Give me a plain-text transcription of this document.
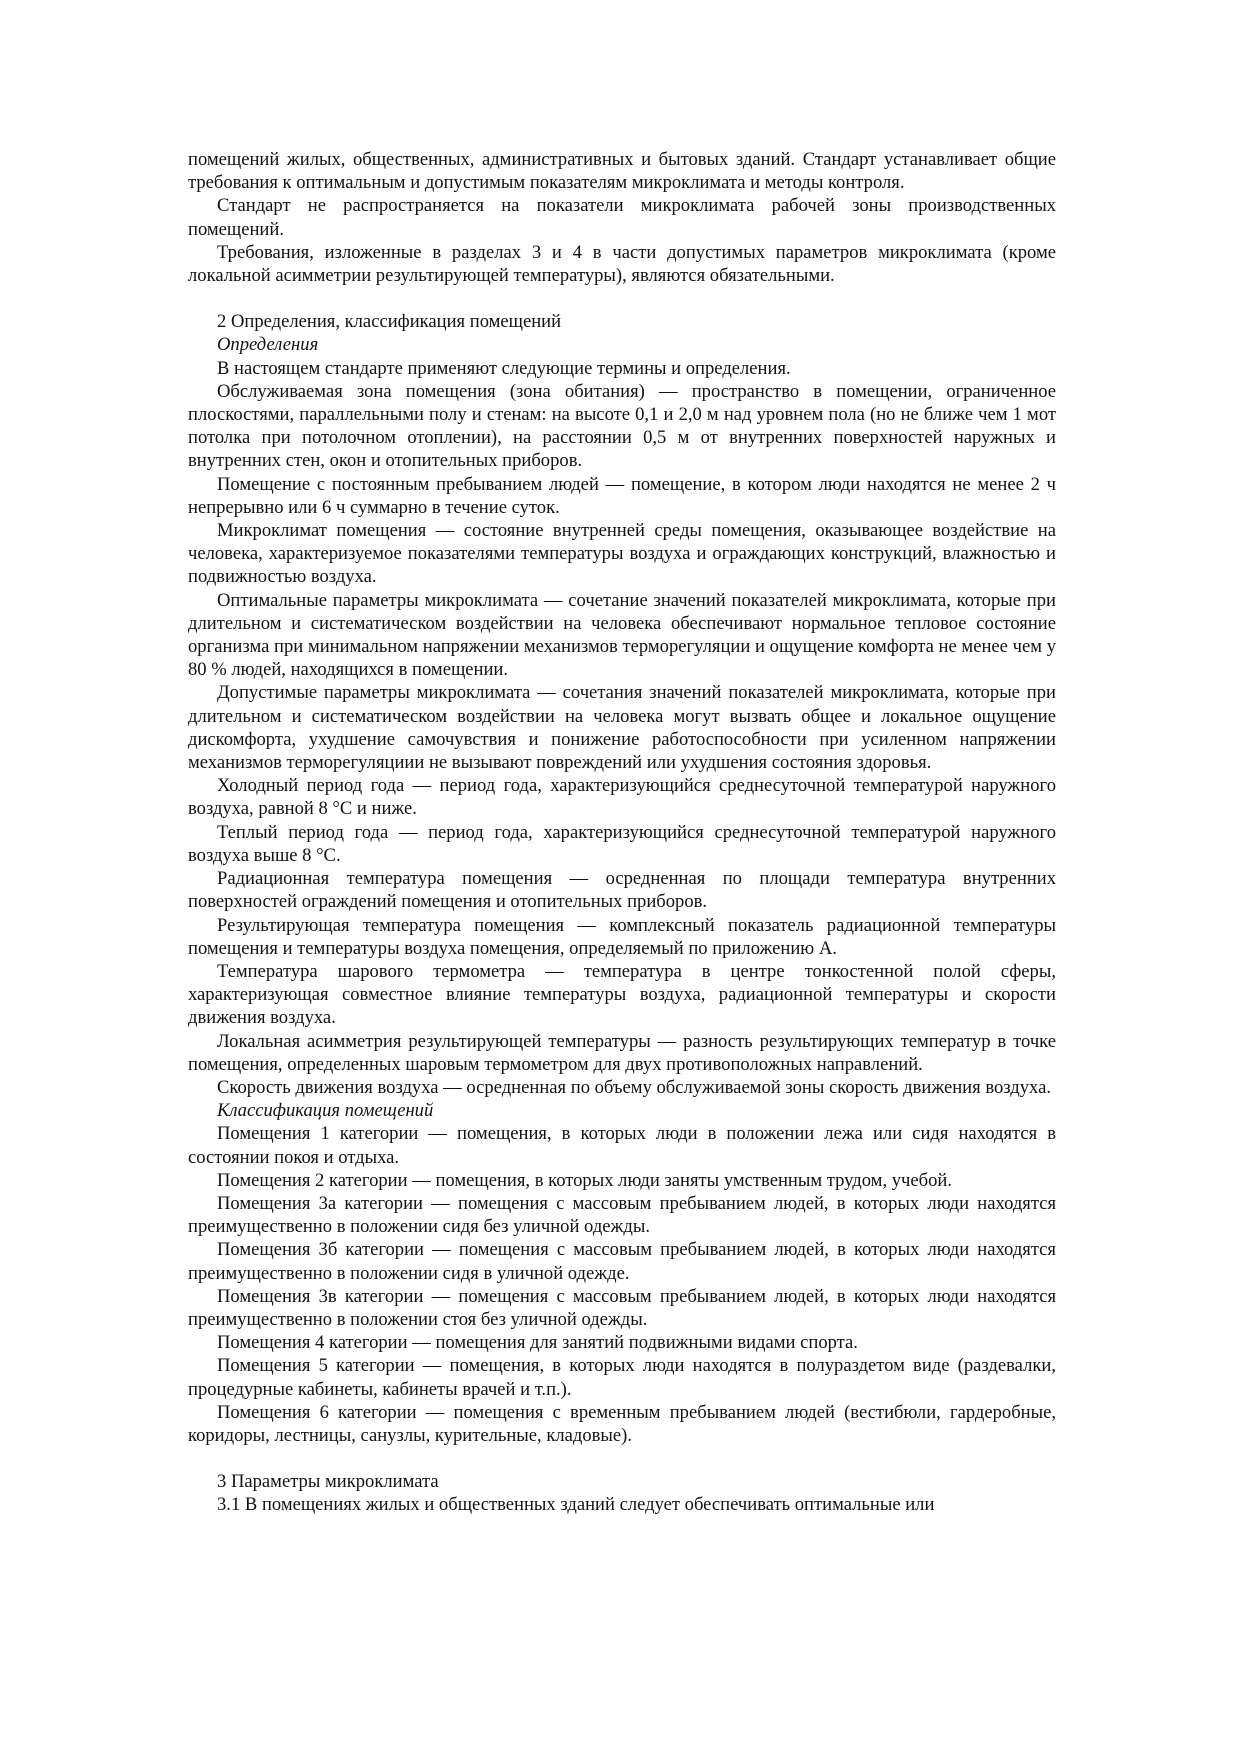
помещений жилых, общественных, административных и бытовых зданий. Стандарт устанавливает общие требования к оптимальным и допустимым показателям микроклимата и методы контроля.

Стандарт не распространяется на показатели микроклимата рабочей зоны производственных помещений.

Требования, изложенные в разделах 3 и 4 в части допустимых параметров микроклимата (кроме локальной асимметрии результирующей температуры), являются обязательными.

2 Определения, классификация помещений

Определения

В настоящем стандарте применяют следующие термины и определения.

Обслуживаемая зона помещения (зона обитания) — пространство в помещении, ограниченное плоскостями, параллельными полу и стенам: на высоте 0,1 и 2,0 м над уровнем пола (но не ближе чем 1 мот потолка при потолочном отоплении), на расстоянии 0,5 м от внутренних поверхностей наружных и внутренних стен, окон и отопительных приборов.

Помещение с постоянным пребыванием людей — помещение, в котором люди находятся не менее 2 ч непрерывно или 6 ч суммарно в течение суток.

Микроклимат помещения — состояние внутренней среды помещения, оказывающее воздействие на человека, характеризуемое показателями температуры воздуха и ограждающих конструкций, влажностью и подвижностью воздуха.

Оптимальные параметры микроклимата — сочетание значений показателей микроклимата, которые при длительном и систематическом воздействии на человека обеспечивают нормальное тепловое состояние организма при минимальном напряжении механизмов терморегуляции и ощущение комфорта не менее чем у 80 % людей, находящихся в помещении.

Допустимые параметры микроклимата — сочетания значений показателей микроклимата, которые при длительном и систематическом воздействии на человека могут вызвать общее и локальное ощущение дискомфорта, ухудшение самочувствия и понижение работоспособности при усиленном напряжении механизмов терморегуляциии не вызывают повреждений или ухудшения состояния здоровья.

Холодный период года — период года, характеризующийся среднесуточной температурой наружного воздуха, равной 8 °С и ниже.

Теплый период года — период года, характеризующийся среднесуточной температурой наружного воздуха выше 8 °С.

Радиационная температура помещения — осредненная по площади температура внутренних поверхностей ограждений помещения и отопительных приборов.

Результирующая температура помещения — комплексный показатель радиационной температуры помещения и температуры воздуха помещения, определяемый по приложению А.

Температура шарового термометра — температура в центре тонкостенной полой сферы, характеризующая совместное влияние температуры воздуха, радиационной температуры и скорости движения воздуха.

Локальная асимметрия результирующей температуры — разность результирующих температур в точке помещения, определенных шаровым термометром для двух противоположных направлений.

Скорость движения воздуха — осредненная по объему обслуживаемой зоны скорость движения воздуха.

Классификация помещений

Помещения 1 категории — помещения, в которых люди в положении лежа или сидя находятся в состоянии покоя и отдыха.

Помещения 2 категории — помещения, в которых люди заняты умственным трудом, учебой.

Помещения 3а категории — помещения с массовым пребыванием людей, в которых люди находятся преимущественно в положении сидя без уличной одежды.

Помещения 3б категории — помещения с массовым пребыванием людей, в которых люди находятся преимущественно в положении сидя в уличной одежде.

Помещения 3в категории — помещения с массовым пребыванием людей, в которых люди находятся преимущественно в положении стоя без уличной одежды.

Помещения 4 категории — помещения для занятий подвижными видами спорта.

Помещения 5 категории — помещения, в которых люди находятся в полураздетом виде (раздевалки, процедурные кабинеты, кабинеты врачей и т.п.).

Помещения 6 категории — помещения с временным пребыванием людей (вестибюли, гардеробные, коридоры, лестницы, санузлы, курительные, кладовые).

3 Параметры микроклимата

3.1 В помещениях жилых и общественных зданий следует обеспечивать оптимальные или
